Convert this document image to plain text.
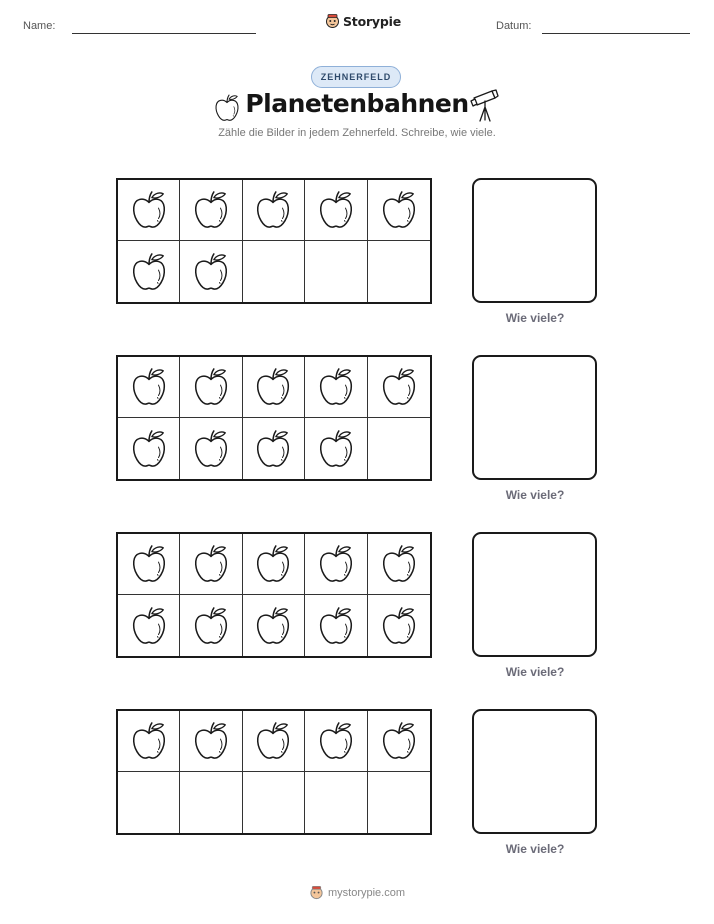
Name:	Storypie	Datum:
ZEHNERFELD
Planetenbahnen
Zähle die Bilder in jedem Zehnerfeld. Schreibe, wie viele.
Wie viele?
Wie viele?
Wie viele?
Wie viele?
mystorypie.com
